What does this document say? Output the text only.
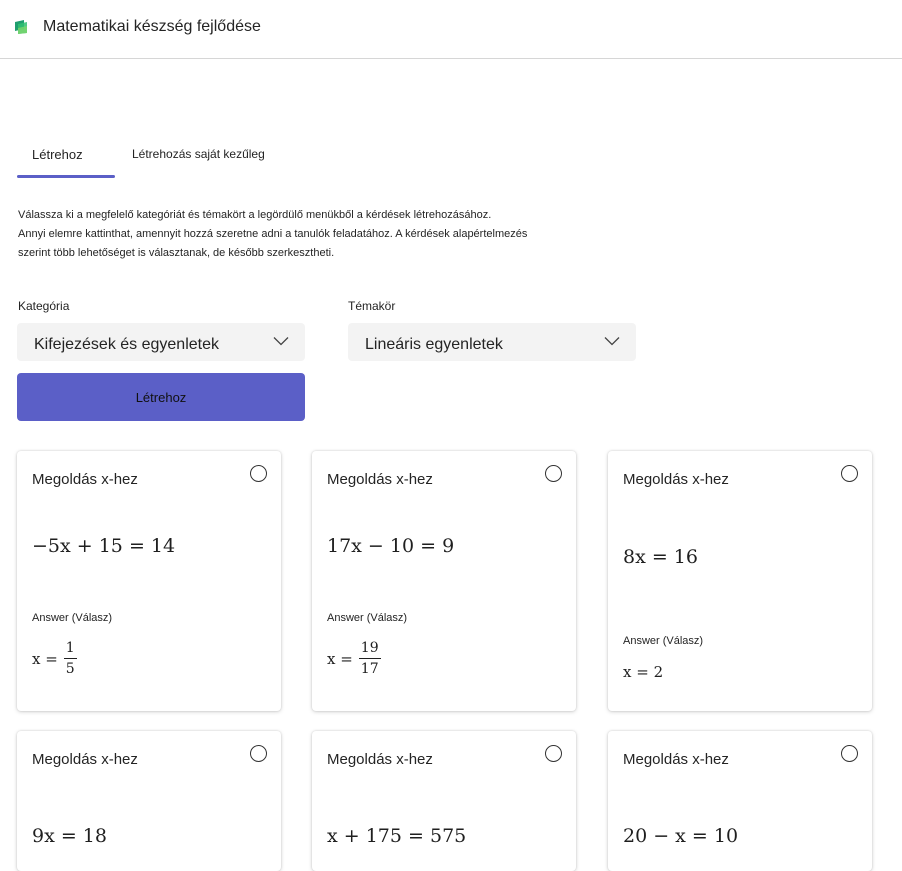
Matematikai készség fejlődése
Létrehoz	Létrehozás saját kezűleg
Válassza ki a megfelelő kategóriát és témakört a legördülő menükből a kérdések létrehozásához.
Annyi elemre kattinthat, amennyit hozzá szeretne adni a tanulók feladatához. A kérdések alapértelmezés
szerint több lehetőséget is választanak, de később szerkesztheti.
Kategória
Kifejezések és egyenletek
Témakör
Lineáris egyenletek
Létrehoz
Megoldás x-hez
−5x + 15 = 14
Answer (Válasz)
$x = \frac{1}{5}$
Megoldás x-hez
17x − 10 = 9
Answer (Válasz)
$x = \frac{19}{17}$
Megoldás x-hez
8x = 16
Answer (Válasz)
x = 2
Megoldás x-hez
9x = 18
Megoldás x-hez
x + 175 = 575
Megoldás x-hez
20 − x = 10
